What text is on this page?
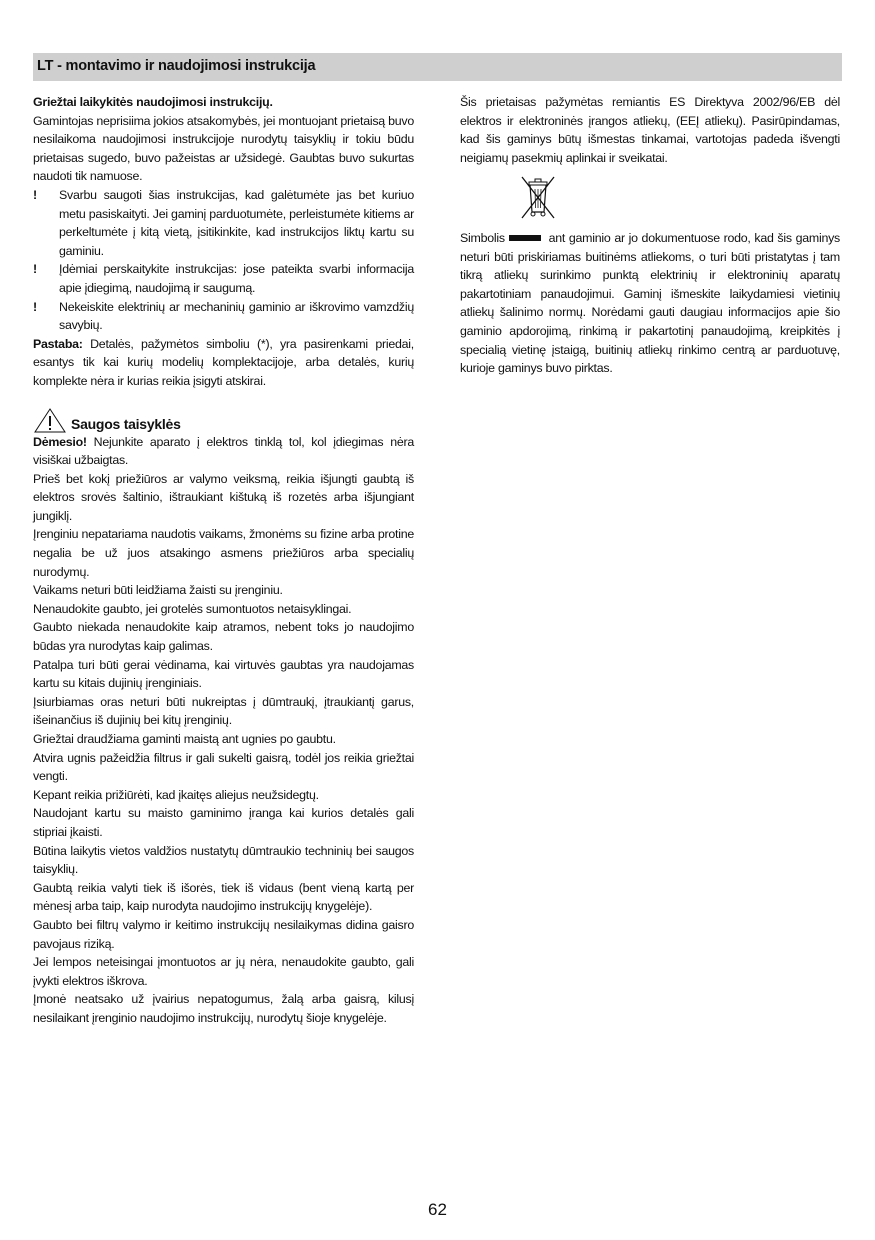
LT - montavimo ir naudojimosi instrukcija

Griežtai laikykitės naudojimosi instrukcijų.

Gamintojas neprisiima jokios atsakomybės, jei montuojant prietaisą buvo nesilaikoma naudojimosi instrukcijoje nurodytų taisyklių ir tokiu būdu prietaisas sugedo, buvo pažeistas ar užsidegė. Gaubtas buvo sukurtas naudoti tik namuose.

!	Svarbu saugoti šias instrukcijas, kad galėtumėte jas bet kuriuo metu pasiskaityti. Jei gaminį parduotumėte, perleistumėte kitiems ar perkeltumėte į kitą vietą, įsitikinkite, kad instrukcijos liktų kartu su gaminiu.
!	Įdėmiai perskaitykite instrukcijas: jose pateikta svarbi informacija apie įdiegimą, naudojimą ir saugumą.
!	Nekeiskite elektrinių ar mechaninių gaminio ar iškrovimo vamzdžių savybių.

Pastaba: Detalės, pažymėtos simboliu (*), yra pasirenkami priedai, esantys tik kai kurių modelių komplektacijoje, arba detalės, kurių komplekte nėra ir kurias reikia įsigyti atskirai.

Saugos taisyklės

Dėmesio! Nejunkite aparato į elektros tinklą tol, kol įdiegimas nėra visiškai užbaigtas.

Prieš bet kokį priežiūros ar valymo veiksmą, reikia išjungti gaubtą iš elektros srovės šaltinio, ištraukiant kištuką iš rozetės arba išjungiant jungiklį.

Įrenginiu nepatariama naudotis vaikams, žmonėms su fizine arba protine negalia be už juos atsakingo asmens priežiūros arba specialių nurodymų.

Vaikams neturi būti leidžiama žaisti su įrenginiu.

Nenaudokite gaubto, jei grotelės sumontuotos netaisyklingai.

Gaubto niekada nenaudokite kaip atramos, nebent toks jo naudojimo būdas yra nurodytas kaip galimas.

Patalpa turi būti gerai vėdinama, kai virtuvės gaubtas yra naudojamas kartu su kitais dujinių įrenginiais.

Įsiurbiamas oras neturi būti nukreiptas į dūmtraukį, įtraukiantį garus, išeinančius iš dujinių bei kitų įrenginių.

Griežtai draudžiama gaminti maistą ant ugnies po gaubtu.

Atvira ugnis pažeidžia filtrus ir gali sukelti gaisrą, todėl jos reikia griežtai vengti.

Kepant reikia prižiūrėti, kad įkaitęs aliejus neužsidegtų.

Naudojant kartu su maisto gaminimo įranga kai kurios detalės gali stipriai įkaisti.

Būtina laikytis vietos valdžios nustatytų dūmtraukio techninių bei saugos taisyklių.

Gaubtą reikia valyti tiek iš išorės, tiek iš vidaus (bent vieną kartą per mėnesį arba taip, kaip nurodyta naudojimo instrukcijų knygelėje).

Gaubto bei filtrų valymo ir keitimo instrukcijų nesilaikymas didina gaisro pavojaus riziką.

Jei lempos neteisingai įmontuotos ar jų nėra, nenaudokite gaubto, gali įvykti elektros iškrova.

Įmonė neatsako už įvairius nepatogumus, žalą arba gaisrą, kilusį nesilaikant įrenginio naudojimo instrukcijų, nurodytų šioje knygelėje.

Šis prietaisas pažymėtas remiantis ES Direktyva 2002/96/EB dėl elektros ir elektroninės įrangos atliekų, (EEĮ atliekų). Pasirūpindamas, kad šis gaminys būtų išmestas tinkamai, vartotojas padeda išvengti neigiamų pasekmių aplinkai ir sveikatai.

Simbolis	ant gaminio ar jo dokumentuose rodo, kad šis gaminys neturi būti priskiriamas buitinėms atliekoms, o turi būti pristatytas į tam tikrą atliekų surinkimo punktą elektrinių ir elektroninių aparatų pakartotiniam panaudojimui. Gaminį išmeskite laikydamiesi vietinių atliekų šalinimo normų. Norėdami gauti daugiau informacijos apie šio gaminio apdorojimą, rinkimą ir pakartotinį panaudojimą, kreipkitės į specialią vietinę įstaigą, buitinių atliekų rinkimo centrą ar parduotuvę, kurioje gaminys buvo pirktas.

62
